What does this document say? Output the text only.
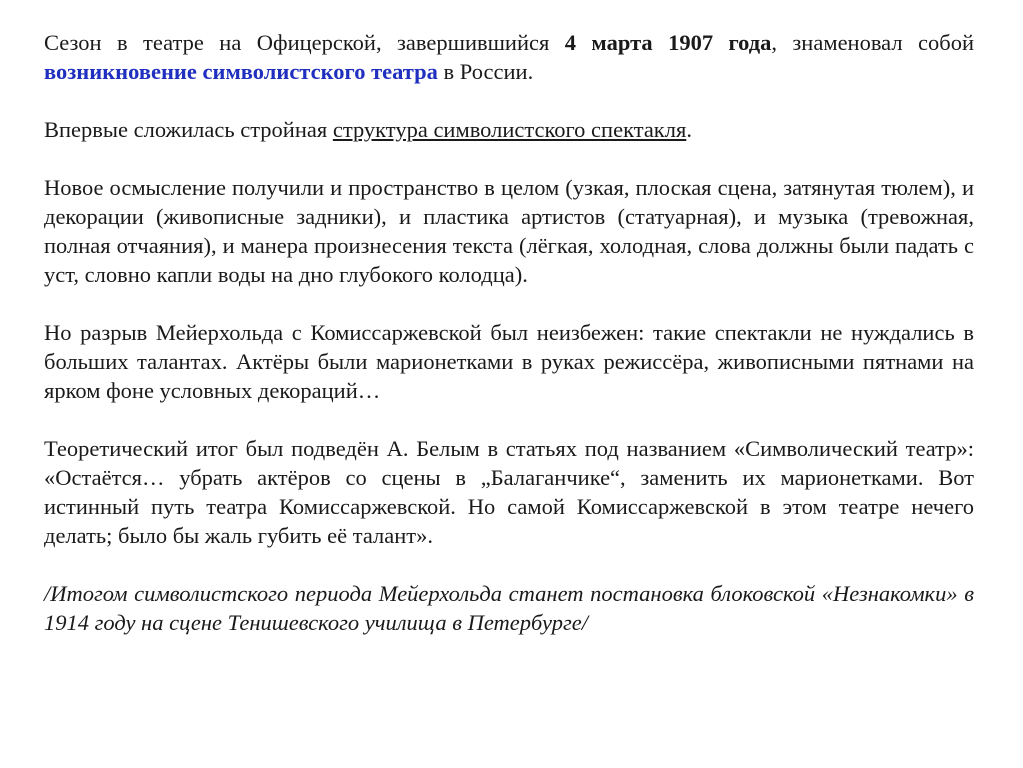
Сезон в театре на Офицерской, завершившийся 4 марта 1907 года, знаменовал собой возникновение символистского театра в России.

Впервые сложилась стройная структура символистского спектакля.

Новое осмысление получили и пространство в целом (узкая, плоская сцена, затянутая тюлем), и декорации (живописные задники), и пластика артистов (статуарная), и музыка (тревожная, полная отчаяния), и манера произнесения текста (лёгкая, холодная, слова должны были падать с уст, словно капли воды на дно глубокого колодца).

Но разрыв Мейерхольда с Комиссаржевской был неизбежен: такие спектакли не нуждались в больших талантах. Актёры были марионетками в руках режиссёра, живописными пятнами на ярком фоне условных декораций…

Теоретический итог был подведён А. Белым в статьях под названием «Символический театр»: «Остаётся… убрать актёров со сцены в „Балаганчике“, заменить их марионетками. Вот истинный путь театра Комиссаржевской. Но самой Комиссаржевской в этом театре нечего делать; было бы жаль губить её талант».

/Итогом символистского периода Мейерхольда станет постановка блоковской «Незнакомки» в 1914 году на сцене Тенишевского училища в Петербурге/
